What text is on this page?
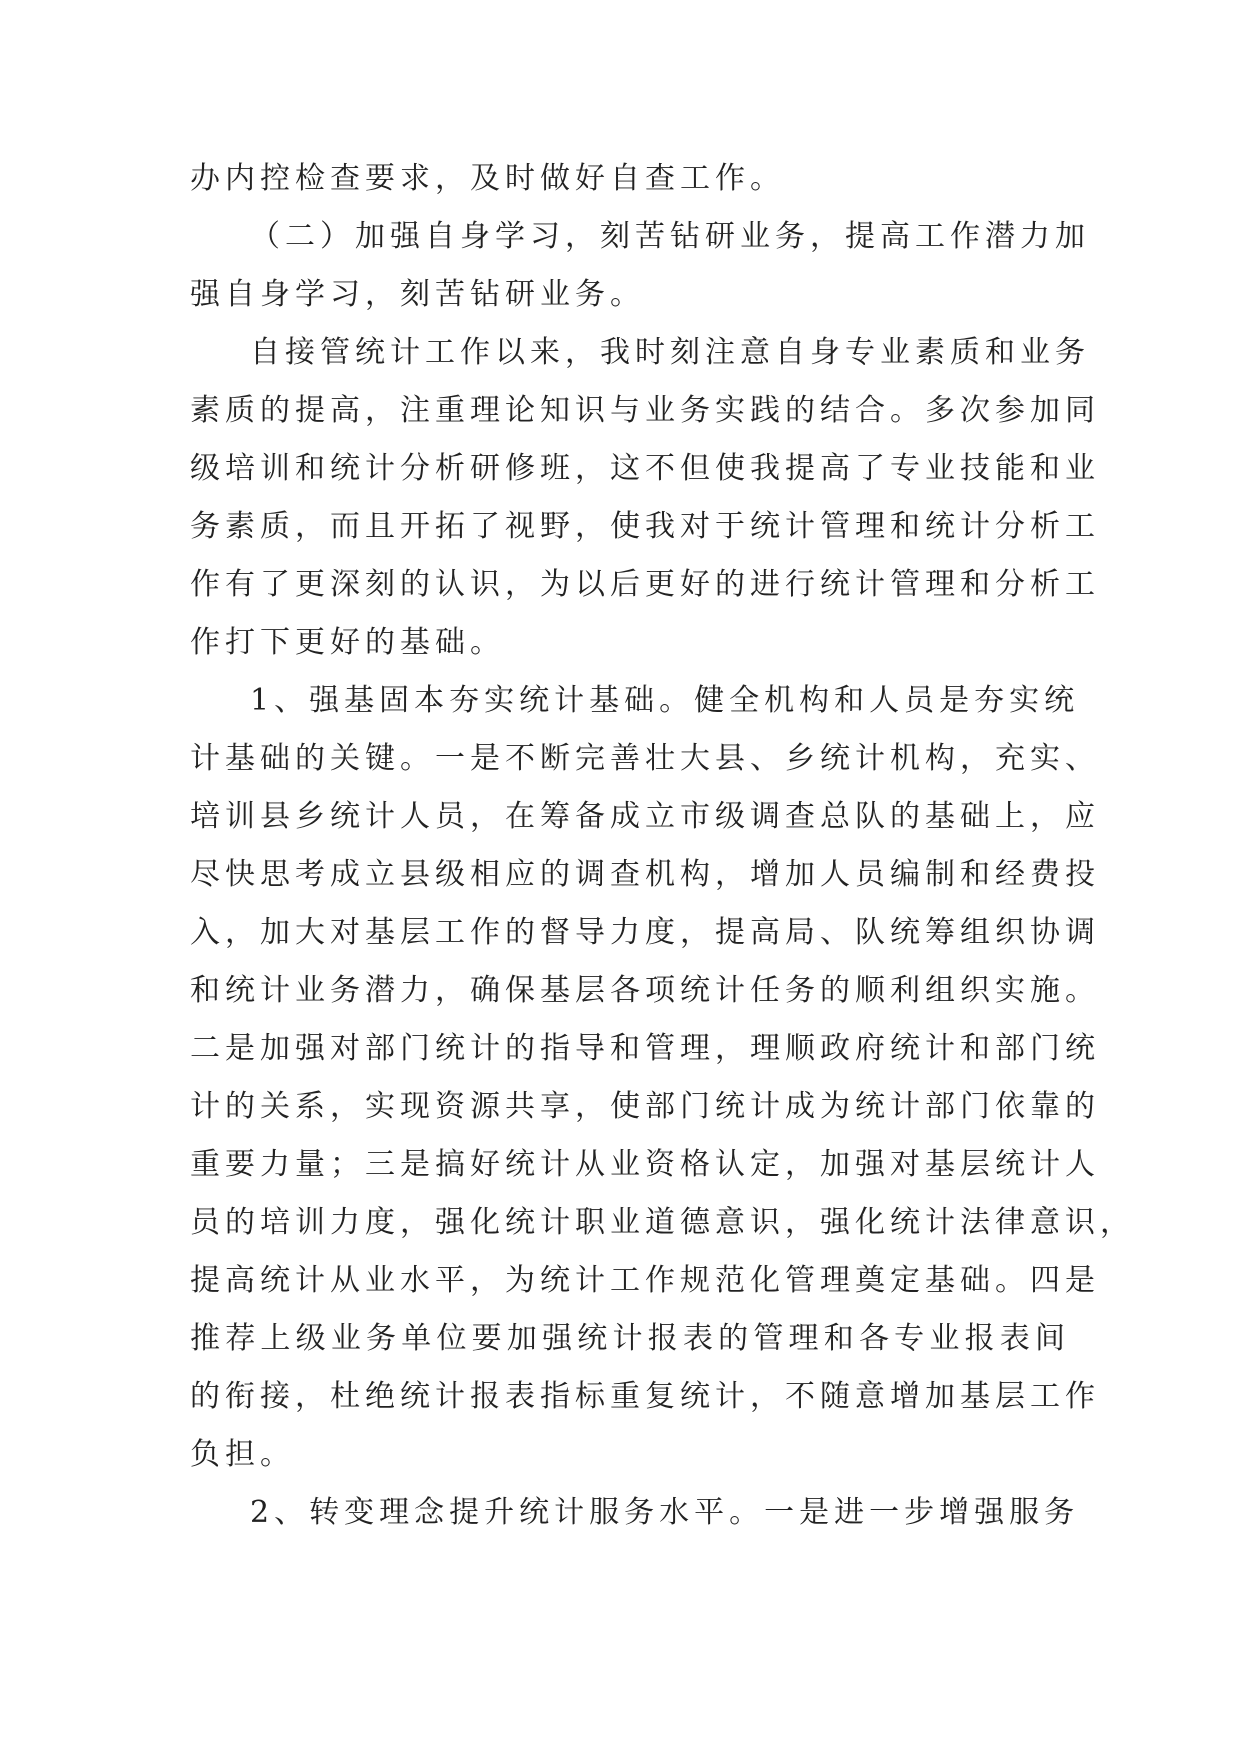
办内控检查要求，及时做好自查工作。
（二）加强自身学习，刻苦钻研业务，提高工作潜力加
强自身学习，刻苦钻研业务。
自接管统计工作以来，我时刻注意自身专业素质和业务
素质的提高，注重理论知识与业务实践的结合。多次参加同
级培训和统计分析研修班，这不但使我提高了专业技能和业
务素质，而且开拓了视野，使我对于统计管理和统计分析工
作有了更深刻的认识，为以后更好的进行统计管理和分析工
作打下更好的基础。
1、强基固本夯实统计基础。健全机构和人员是夯实统
计基础的关键。一是不断完善壮大县、乡统计机构，充实、
培训县乡统计人员，在筹备成立市级调查总队的基础上，应
尽快思考成立县级相应的调查机构，增加人员编制和经费投
入，加大对基层工作的督导力度，提高局、队统筹组织协调
和统计业务潜力，确保基层各项统计任务的顺利组织实施。
二是加强对部门统计的指导和管理，理顺政府统计和部门统
计的关系，实现资源共享，使部门统计成为统计部门依靠的
重要力量；三是搞好统计从业资格认定，加强对基层统计人
员的培训力度，强化统计职业道德意识，强化统计法律意识，
提高统计从业水平，为统计工作规范化管理奠定基础。四是
推荐上级业务单位要加强统计报表的管理和各专业报表间
的衔接，杜绝统计报表指标重复统计，不随意增加基层工作
负担。
2、转变理念提升统计服务水平。一是进一步增强服务
